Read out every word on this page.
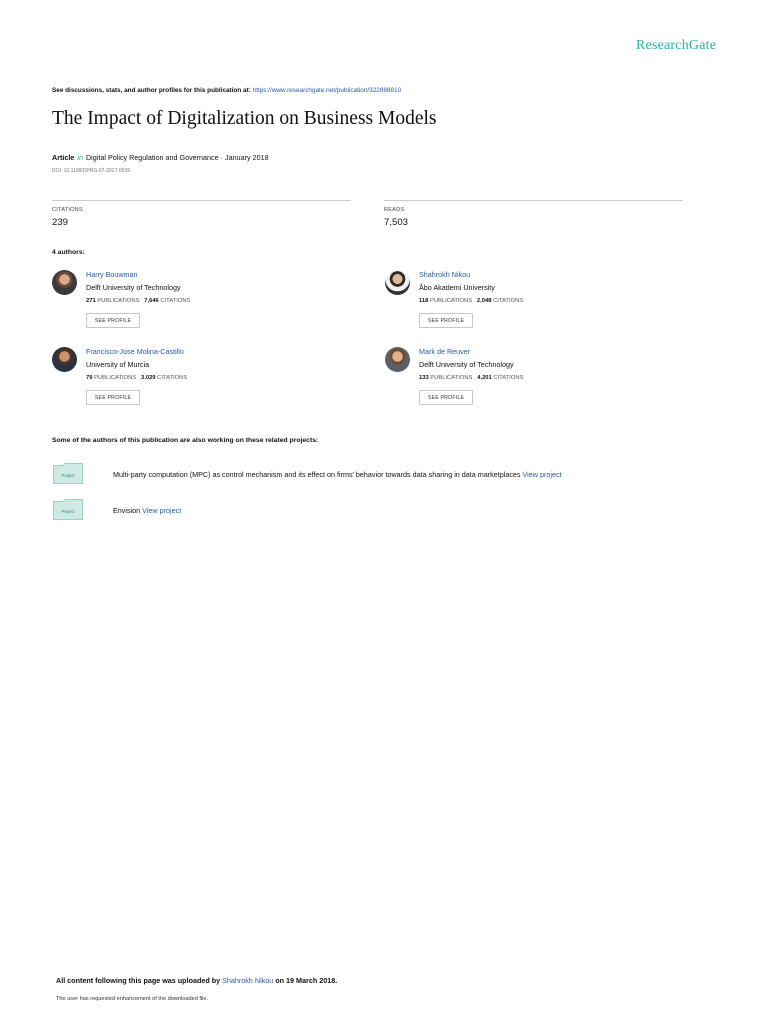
ResearchGate
See discussions, stats, and author profiles for this publication at: https://www.researchgate.net/publication/322888810
The Impact of Digitalization on Business Models
Article in Digital Policy Regulation and Governance · January 2018
DOI: 10.1108/DPRG-07-2017-0039
CITATIONS
239
READS
7,503
4 authors:
Harry Bouwman
Delft University of Technology
271 PUBLICATIONS 7,646 CITATIONS
SEE PROFILE
Shahrokh Nikou
Åbo Akademi University
118 PUBLICATIONS 2,048 CITATIONS
SEE PROFILE
Francisco-Jose Molina-Castillo
University of Murcia
79 PUBLICATIONS 3,029 CITATIONS
SEE PROFILE
Mark de Reuver
Delft University of Technology
133 PUBLICATIONS 4,201 CITATIONS
SEE PROFILE
Some of the authors of this publication are also working on these related projects:
Project	Multi-party computation (MPC) as control mechanism and its effect on firms' behavior towards data sharing in data marketplaces View project
Project	Envision View project
All content following this page was uploaded by Shahrokh Nikou on 19 March 2018.
The user has requested enhancement of the downloaded file.
